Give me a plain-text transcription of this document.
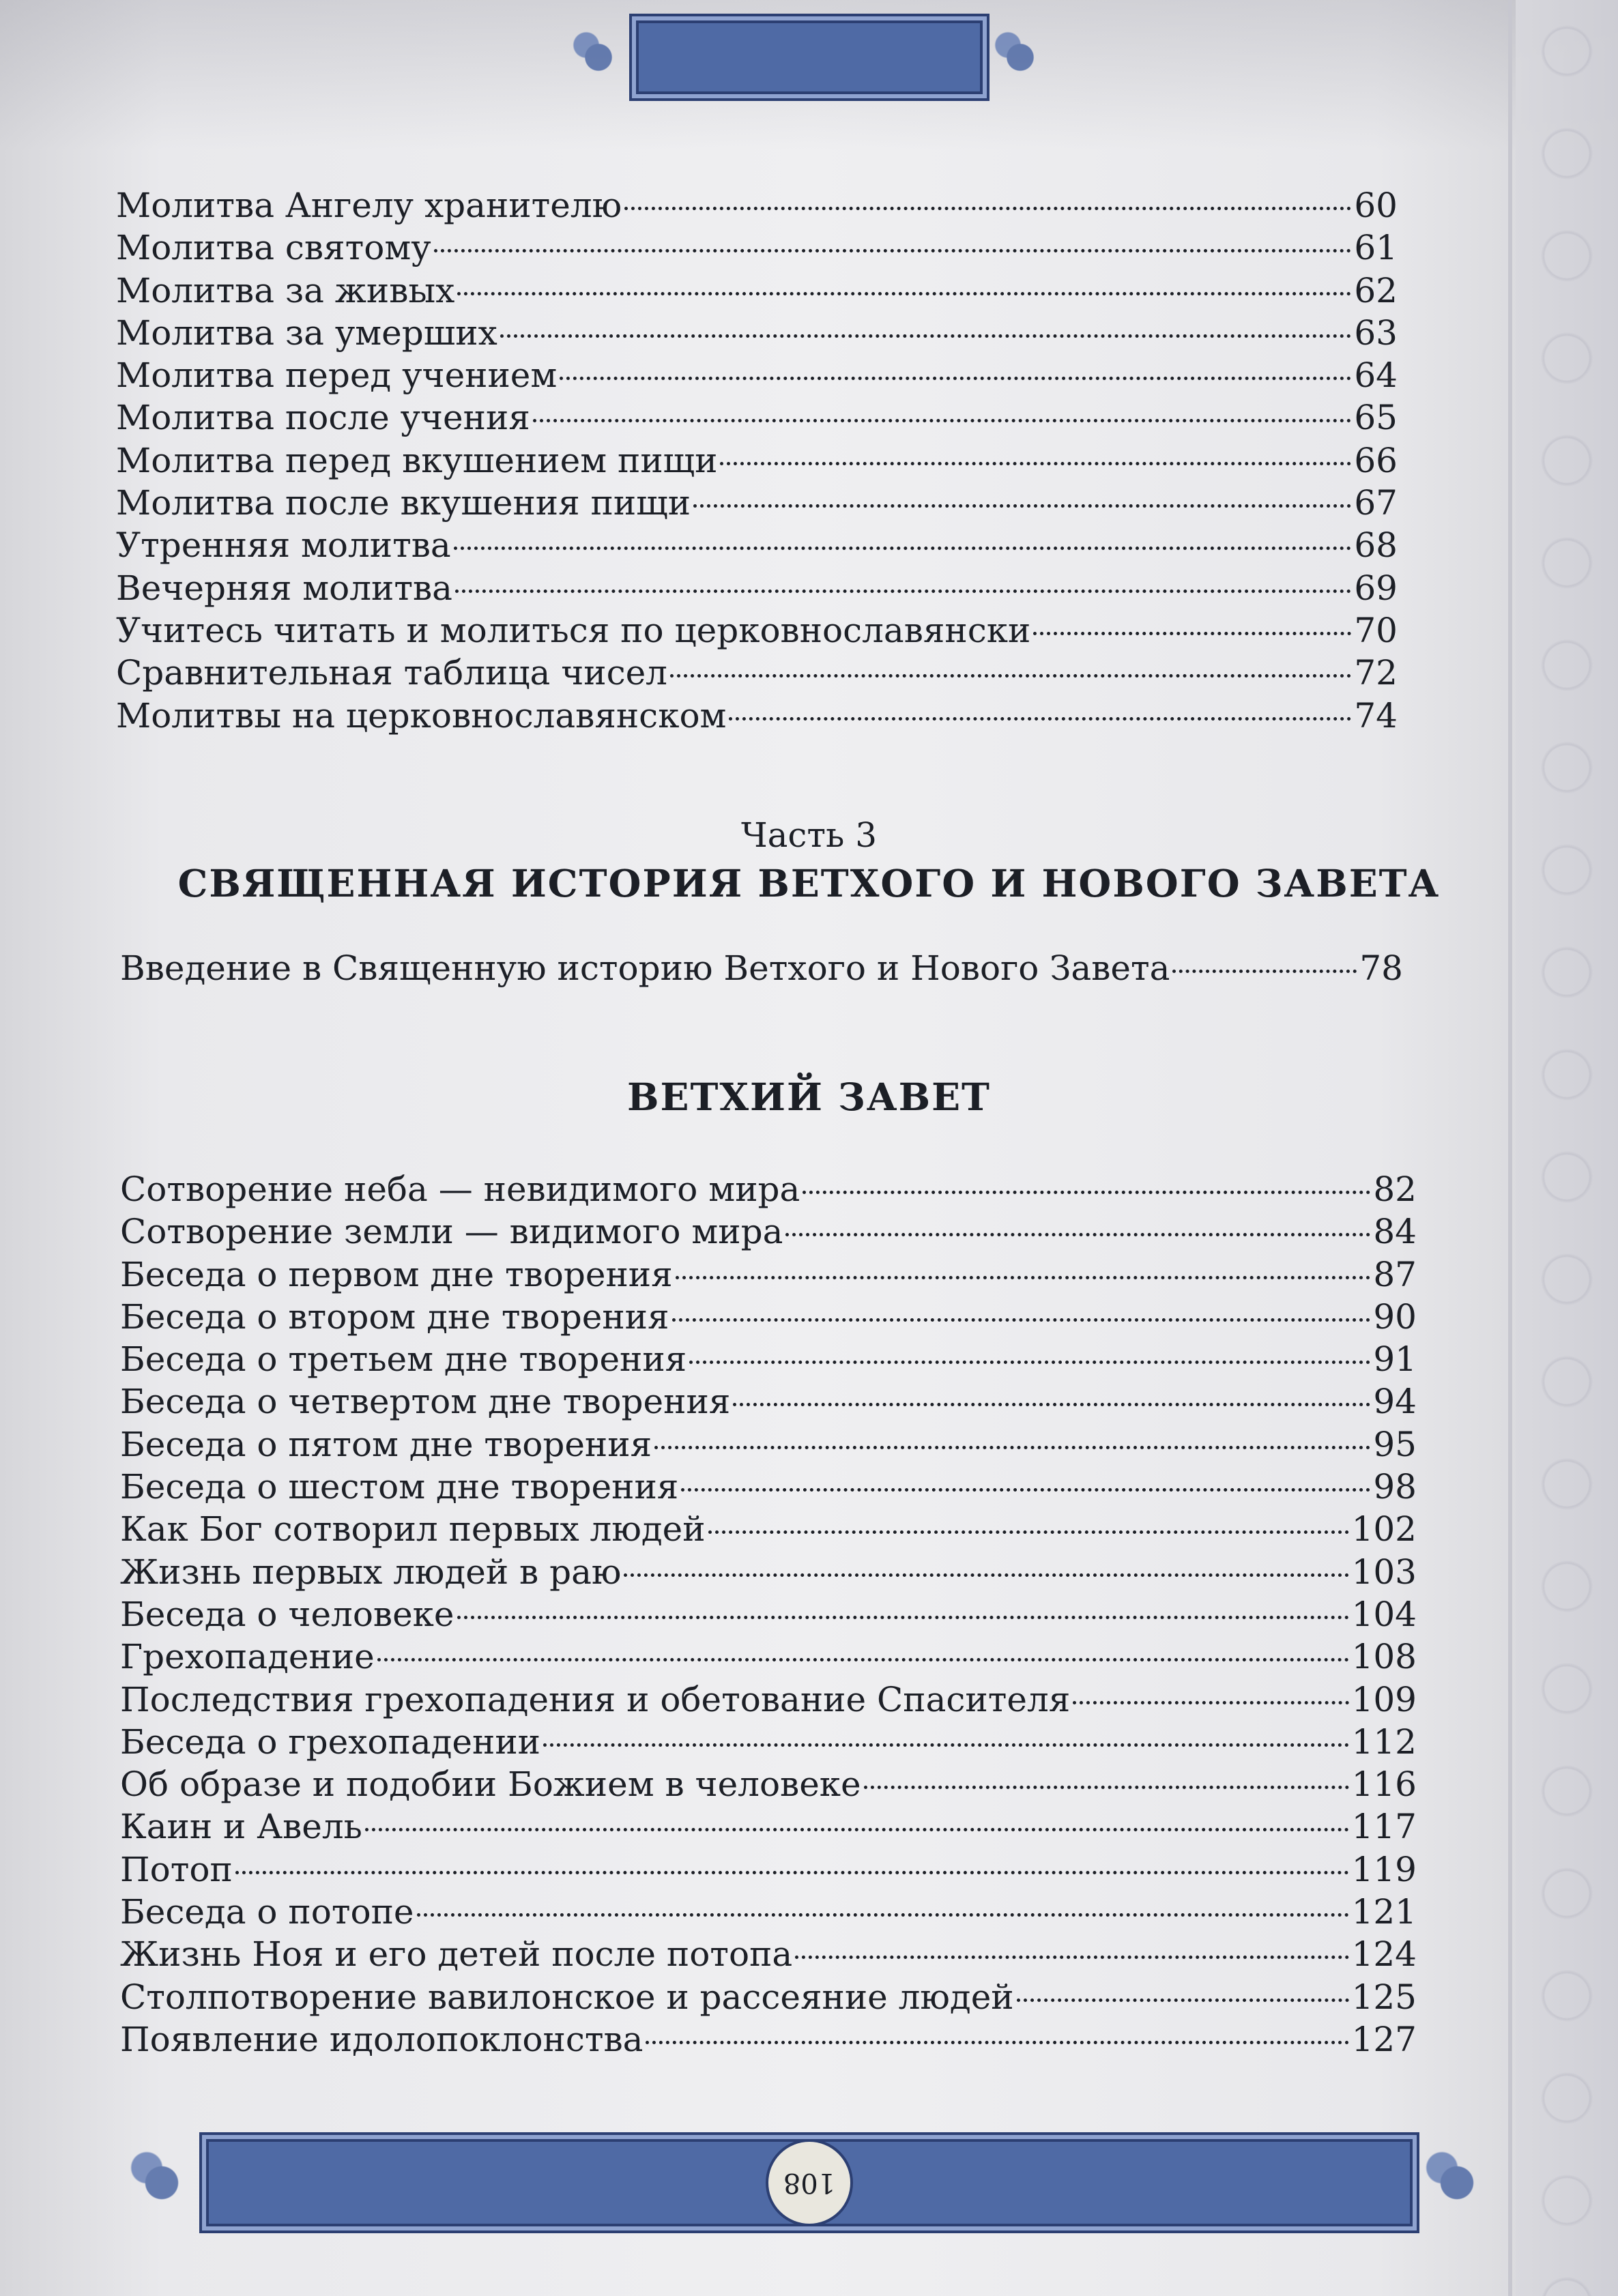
Молитва Ангелу хранителю	60
Молитва святому	61
Молитва за живых	62
Молитва за умерших	63
Молитва перед учением	64
Молитва после учения	65
Молитва перед вкушением пищи	66
Молитва после вкушения пищи	67
Утренняя молитва	68
Вечерняя молитва	69
Учитесь читать и молиться по церковнославянски	70
Сравнительная таблица чисел	72
Молитвы на церковнославянском	74
Часть 3
СВЯЩЕННАЯ ИСТОРИЯ ВЕТХОГО И НОВОГО ЗАВЕТА
Введение в Священную историю Ветхого и Нового Завета	78
ВЕТХИЙ ЗАВЕТ
Сотворение неба — невидимого мира	82
Сотворение земли — видимого мира	84
Беседа о первом дне творения	87
Беседа о втором дне творения	90
Беседа о третьем дне творения	91
Беседа о четвертом дне творения	94
Беседа о пятом дне творения	95
Беседа о шестом дне творения	98
Как Бог сотворил первых людей	102
Жизнь первых людей в раю	103
Беседа о человеке	104
Грехопадение	108
Последствия грехопадения и обетование Спасителя	109
Беседа о грехопадении	112
Об образе и подобии Божием в человеке	116
Каин и Авель	117
Потоп	119
Беседа о потопе	121
Жизнь Ноя и его детей после потопа	124
Столпотворение вавилонское и рассеяние людей	125
Появление идолопоклонства	127
108
